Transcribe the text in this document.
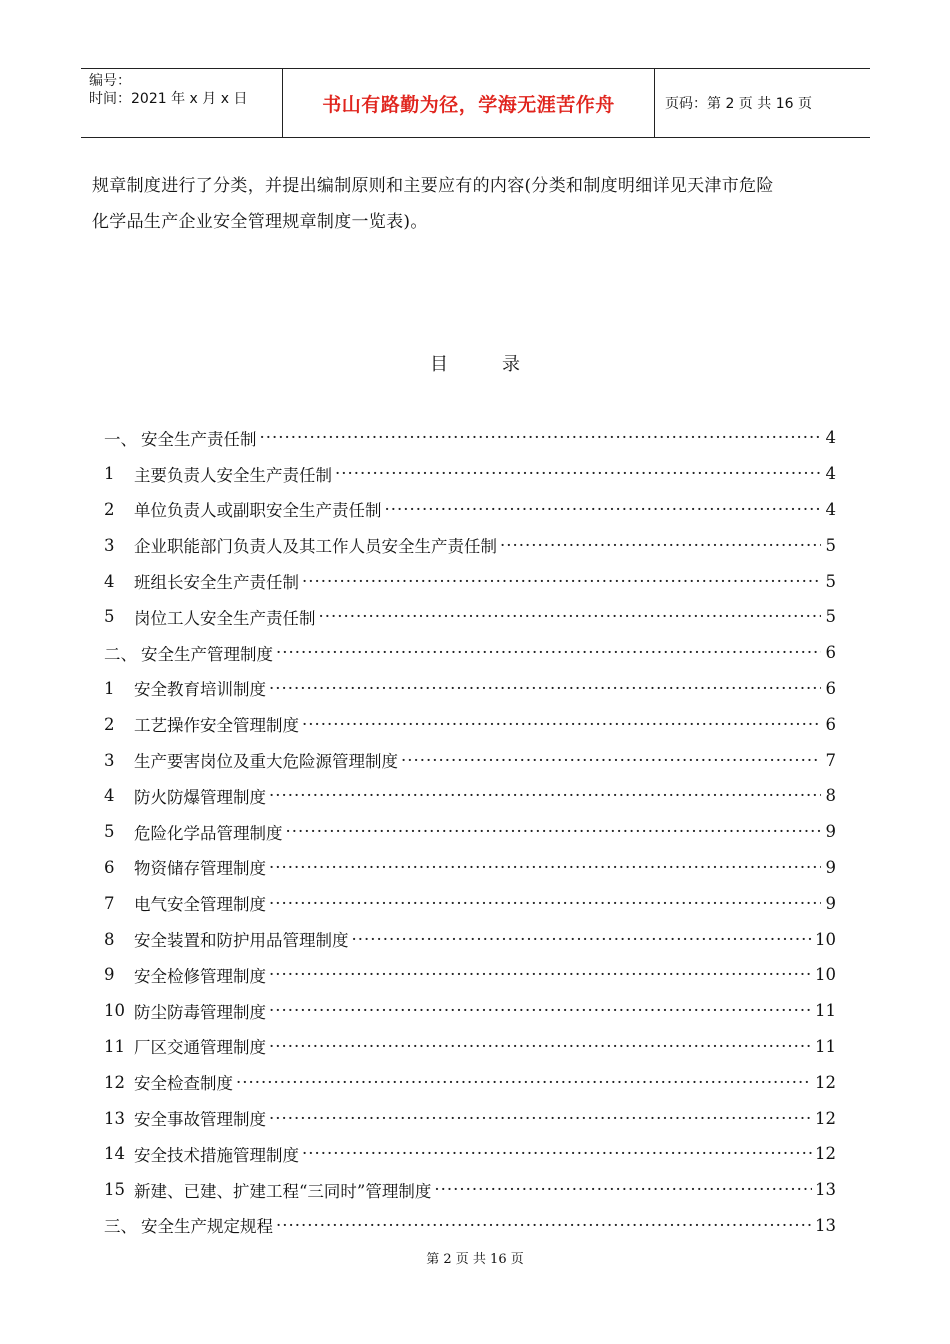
编号：
时间：2021 年 x 月 x 日	书山有路勤为径，学海无涯苦作舟	页码：第 2 页 共 16 页

规章制度进行了分类，并提出编制原则和主要应有的内容(分类和制度明细详见天津市危险

化学品生产企业安全管理规章制度一览表)。

目	录
一、 安全生产责任制 ·····	4
1	主要负责人安全生产责任制 ·····	4
2	单位负责人或副职安全生产责任制 ·····	4
3	企业职能部门负责人及其工作人员安全生产责任制 ·····	5
4	班组长安全生产责任制 ·····	5
5	岗位工人安全生产责任制 ·····	5
二、 安全生产管理制度 ·····	6
1	安全教育培训制度 ·····	6
2	工艺操作安全管理制度 ·····	6
3	生产要害岗位及重大危险源管理制度 ·····	7
4	防火防爆管理制度 ·····	8
5	危险化学品管理制度 ·····	9
6	物资储存管理制度 ·····	9
7	电气安全管理制度 ·····	9
8	安全装置和防护用品管理制度 ·····	10
9	安全检修管理制度 ·····	10
10 防尘防毒管理制度 ·····	11
11 厂区交通管理制度 ·····	11
12 安全检查制度 ·····	12
13 安全事故管理制度 ·····	12
14 安全技术措施管理制度 ·····	12
15 新建、已建、扩建工程“三同时”管理制度 ·····	13
三、 安全生产规定规程 ·····	13
第 2 页 共 16 页
